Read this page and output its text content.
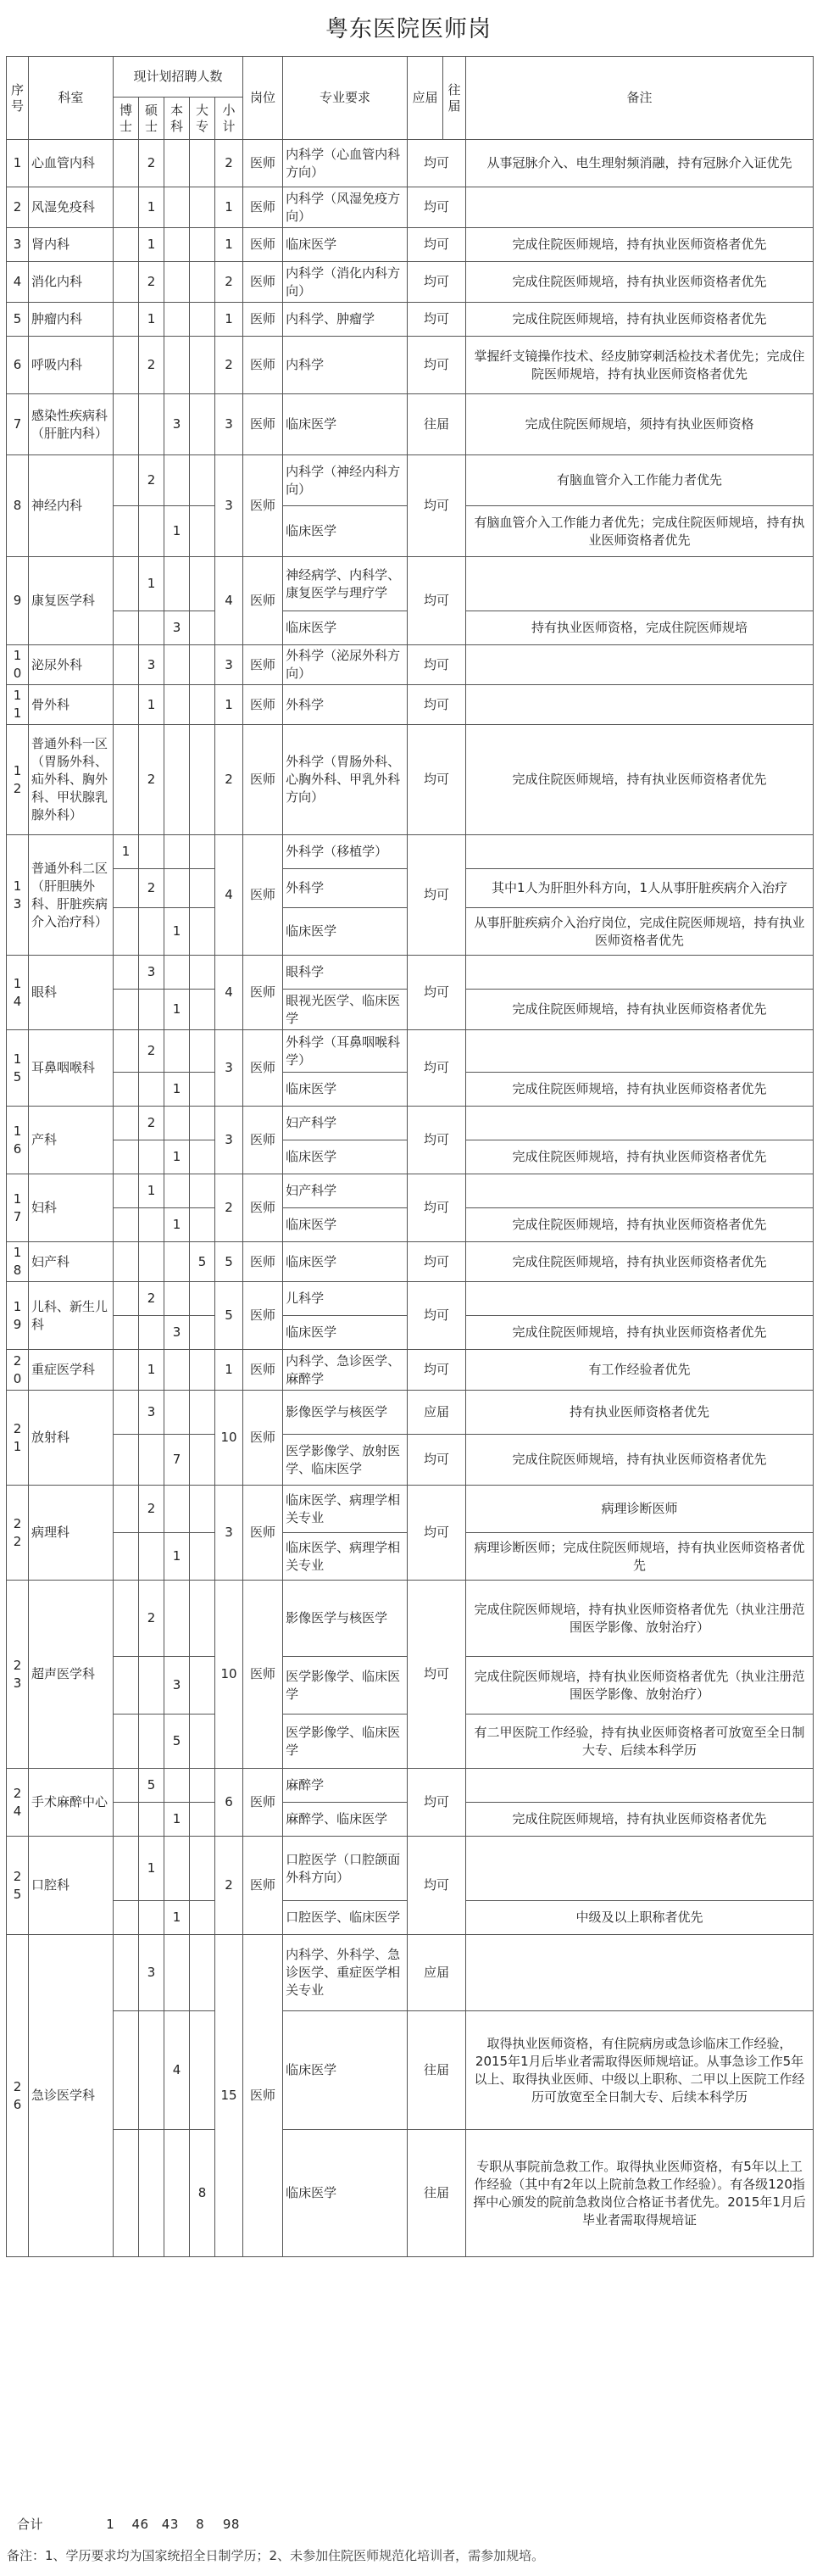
粤东医院医师岗
序号	科室	现计划招聘人数					岗位	专业要求	应届	往届	备注
		博士	硕士	本科	大专	小计					
1	心血管内科		2			2	医师	内科学（心血管内科方向）	均可		从事冠脉介入、电生理射频消融，持有冠脉介入证优先
2	风湿免疫科		1			1	医师	内科学（风湿免疫方向）	均可		
3	肾内科		1			1	医师	临床医学	均可		完成住院医师规培，持有执业医师资格者优先
4	消化内科		2			2	医师	内科学（消化内科方向）	均可		完成住院医师规培，持有执业医师资格者优先
5	肿瘤内科		1			1	医师	内科学、肿瘤学	均可		完成住院医师规培，持有执业医师资格者优先
6	呼吸内科		2			2	医师	内科学	均可		掌握纤支镜操作技术、经皮肺穿刺活检技术者优先；完成住院医师规培，持有执业医师资格者优先
7	感染性疾病科（肝脏内科）			3		3	医师	临床医学	往届		完成住院医师规培，须持有执业医师资格
8	神经内科		2			3	医师	内科学（神经内科方向）	均可		有脑血管介入工作能力者优先
				1				临床医学			有脑血管介入工作能力者优先；完成住院医师规培，持有执业医师资格者优先
9	康复医学科		1			4	医师	神经病学、内科学、康复医学与理疗学	均可		
				3				临床医学			持有执业医师资格，完成住院医师规培
10	泌尿外科		3			3	医师	外科学（泌尿外科方向）	均可		
11	骨外科		1			1	医师	外科学	均可		
12	普通外科一区（胃肠外科、疝外科、胸外科、甲状腺乳腺外科）		2			2	医师	外科学（胃肠外科、心胸外科、甲乳外科方向）	均可		完成住院医师规培，持有执业医师资格者优先
13	普通外科二区（肝胆胰外科、肝脏疾病介入治疗科）	1				4	医师	外科学（移植学）	均可		
			2					外科学			其中1人为肝胆外科方向，1人从事肝脏疾病介入治疗
				1				临床医学			从事肝脏疾病介入治疗岗位，完成住院医师规培，持有执业医师资格者优先
14	眼科		3			4	医师	眼科学	均可		
				1				眼视光医学、临床医学			完成住院医师规培，持有执业医师资格者优先
15	耳鼻咽喉科		2			3	医师	外科学（耳鼻咽喉科学）	均可		
				1				临床医学			完成住院医师规培，持有执业医师资格者优先
16	产科		2			3	医师	妇产科学	均可		
				1				临床医学			完成住院医师规培，持有执业医师资格者优先
17	妇科		1			2	医师	妇产科学	均可		
				1				临床医学			完成住院医师规培，持有执业医师资格者优先
18	妇产科				5	5	医师	临床医学	均可		完成住院医师规培，持有执业医师资格者优先
19	儿科、新生儿科		2			5	医师	儿科学	均可		
				3				临床医学			完成住院医师规培，持有执业医师资格者优先
20	重症医学科		1			1	医师	内科学、急诊医学、麻醉学	均可		有工作经验者优先
21	放射科		3			10	医师	影像医学与核医学	应届		持有执业医师资格者优先
				7				医学影像学、放射医学、临床医学	均可		完成住院医师规培，持有执业医师资格者优先
22	病理科		2			3	医师	临床医学、病理学相关专业	均可		病理诊断医师
				1				临床医学、病理学相关专业			病理诊断医师；完成住院医师规培，持有执业医师资格者优先
23	超声医学科		2			10	医师	影像医学与核医学	均可		完成住院医师规培，持有执业医师资格者优先（执业注册范围医学影像、放射治疗）
				3				医学影像学、临床医学			完成住院医师规培，持有执业医师资格者优先（执业注册范围医学影像、放射治疗）
				5				医学影像学、临床医学			有二甲医院工作经验，持有执业医师资格者可放宽至全日制大专、后续本科学历
24	手术麻醉中心		5			6	医师	麻醉学	均可		
				1				麻醉学、临床医学			完成住院医师规培，持有执业医师资格者优先
25	口腔科		1			2	医师	口腔医学（口腔颌面外科方向）	均可		
				1				口腔医学、临床医学			中级及以上职称者优先
26	急诊医学科		3			15	医师	内科学、外科学、急诊医学、重症医学相关专业	应届		
				4				临床医学	往届		取得执业医师资格，有住院病房或急诊临床工作经验，2015年1月后毕业者需取得医师规培证。从事急诊工作5年以上、取得执业医师、中级以上职称、二甲以上医院工作经历可放宽至全日制大专、后续本科学历
					8			临床医学	往届		专职从事院前急救工作。取得执业医师资格，有5年以上工作经验（其中有2年以上院前急救工作经验）。有各级120指挥中心颁发的院前急救岗位合格证书者优先。2015年1月后毕业者需取得规培证
合计	1 46 43 8 98
备注：1、学历要求均为国家统招全日制学历；2、未参加住院医师规范化培训者，需参加规培。
